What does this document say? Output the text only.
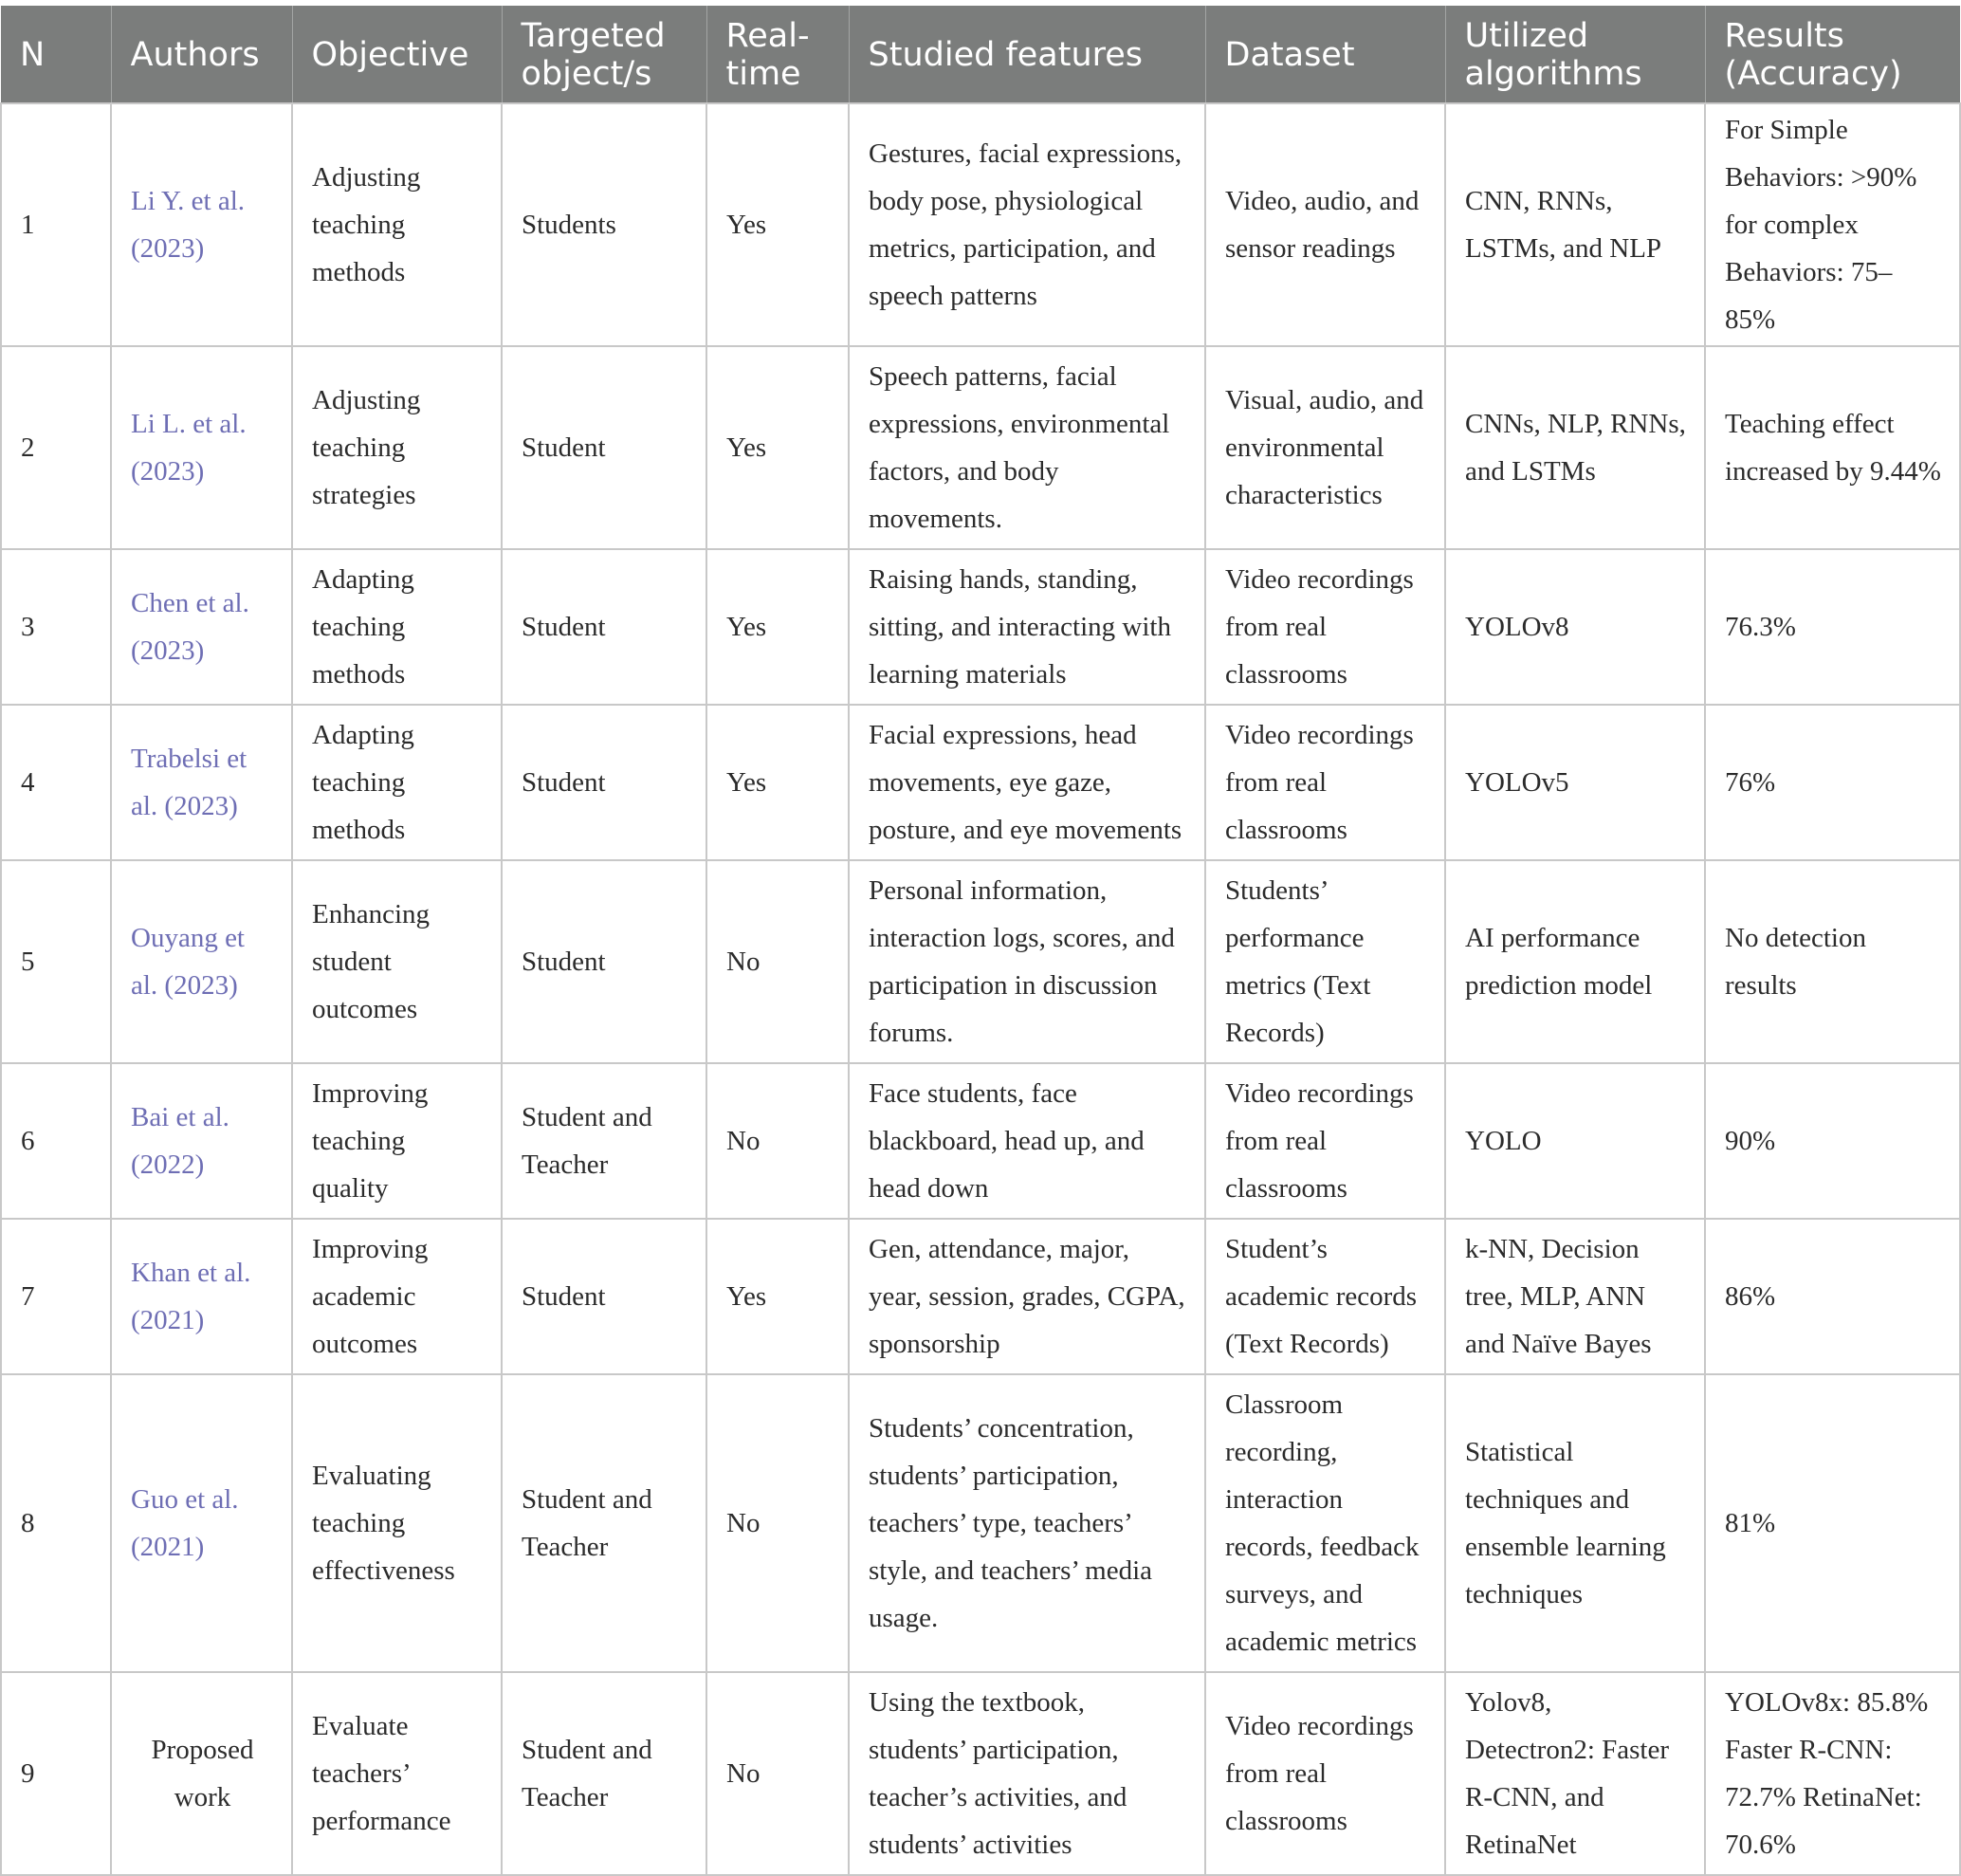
N	Authors	Objective	Targeted object/s	Real-time	Studied features	Dataset	Utilized algorithms	Results (Accuracy)
1	Li Y. et al. (2023)	Adjusting teaching methods	Students	Yes	Gestures, facial expressions, body pose, physiological metrics, participation, and speech patterns	Video, audio, and sensor readings	CNN, RNNs, LSTMs, and NLP	For Simple Behaviors: >90% for complex Behaviors: 75–85%
2	Li L. et al. (2023)	Adjusting teaching strategies	Student	Yes	Speech patterns, facial expressions, environmental factors, and body movements.	Visual, audio, and environmental characteristics	CNNs, NLP, RNNs, and LSTMs	Teaching effect increased by 9.44%
3	Chen et al. (2023)	Adapting teaching methods	Student	Yes	Raising hands, standing, sitting, and interacting with learning materials	Video recordings from real classrooms	YOLOv8	76.3%
4	Trabelsi et al. (2023)	Adapting teaching methods	Student	Yes	Facial expressions, head movements, eye gaze, posture, and eye movements	Video recordings from real classrooms	YOLOv5	76%
5	Ouyang et al. (2023)	Enhancing student outcomes	Student	No	Personal information, interaction logs, scores, and participation in discussion forums.	Students’ performance metrics (Text Records)	AI performance prediction model	No detection results
6	Bai et al. (2022)	Improving teaching quality	Student and Teacher	No	Face students, face blackboard, head up, and head down	Video recordings from real classrooms	YOLO	90%
7	Khan et al. (2021)	Improving academic outcomes	Student	Yes	Gen, attendance, major, year, session, grades, CGPA, sponsorship	Student’s academic records (Text Records)	k-NN, Decision tree, MLP, ANN and Naïve Bayes	86%
8	Guo et al. (2021)	Evaluating teaching effectiveness	Student and Teacher	No	Students’ concentration, students’ participation, teachers’ type, teachers’ style, and teachers’ media usage.	Classroom recording, interaction records, feedback surveys, and academic metrics	Statistical techniques and ensemble learning techniques	81%
9	Proposed work	Evaluate teachers’ performance	Student and Teacher	No	Using the textbook, students’ participation, teacher’s activities, and students’ activities	Video recordings from real classrooms	Yolov8, Detectron2: Faster R-CNN, and RetinaNet	YOLOv8x: 85.8% Faster R-CNN: 72.7% RetinaNet: 70.6%
